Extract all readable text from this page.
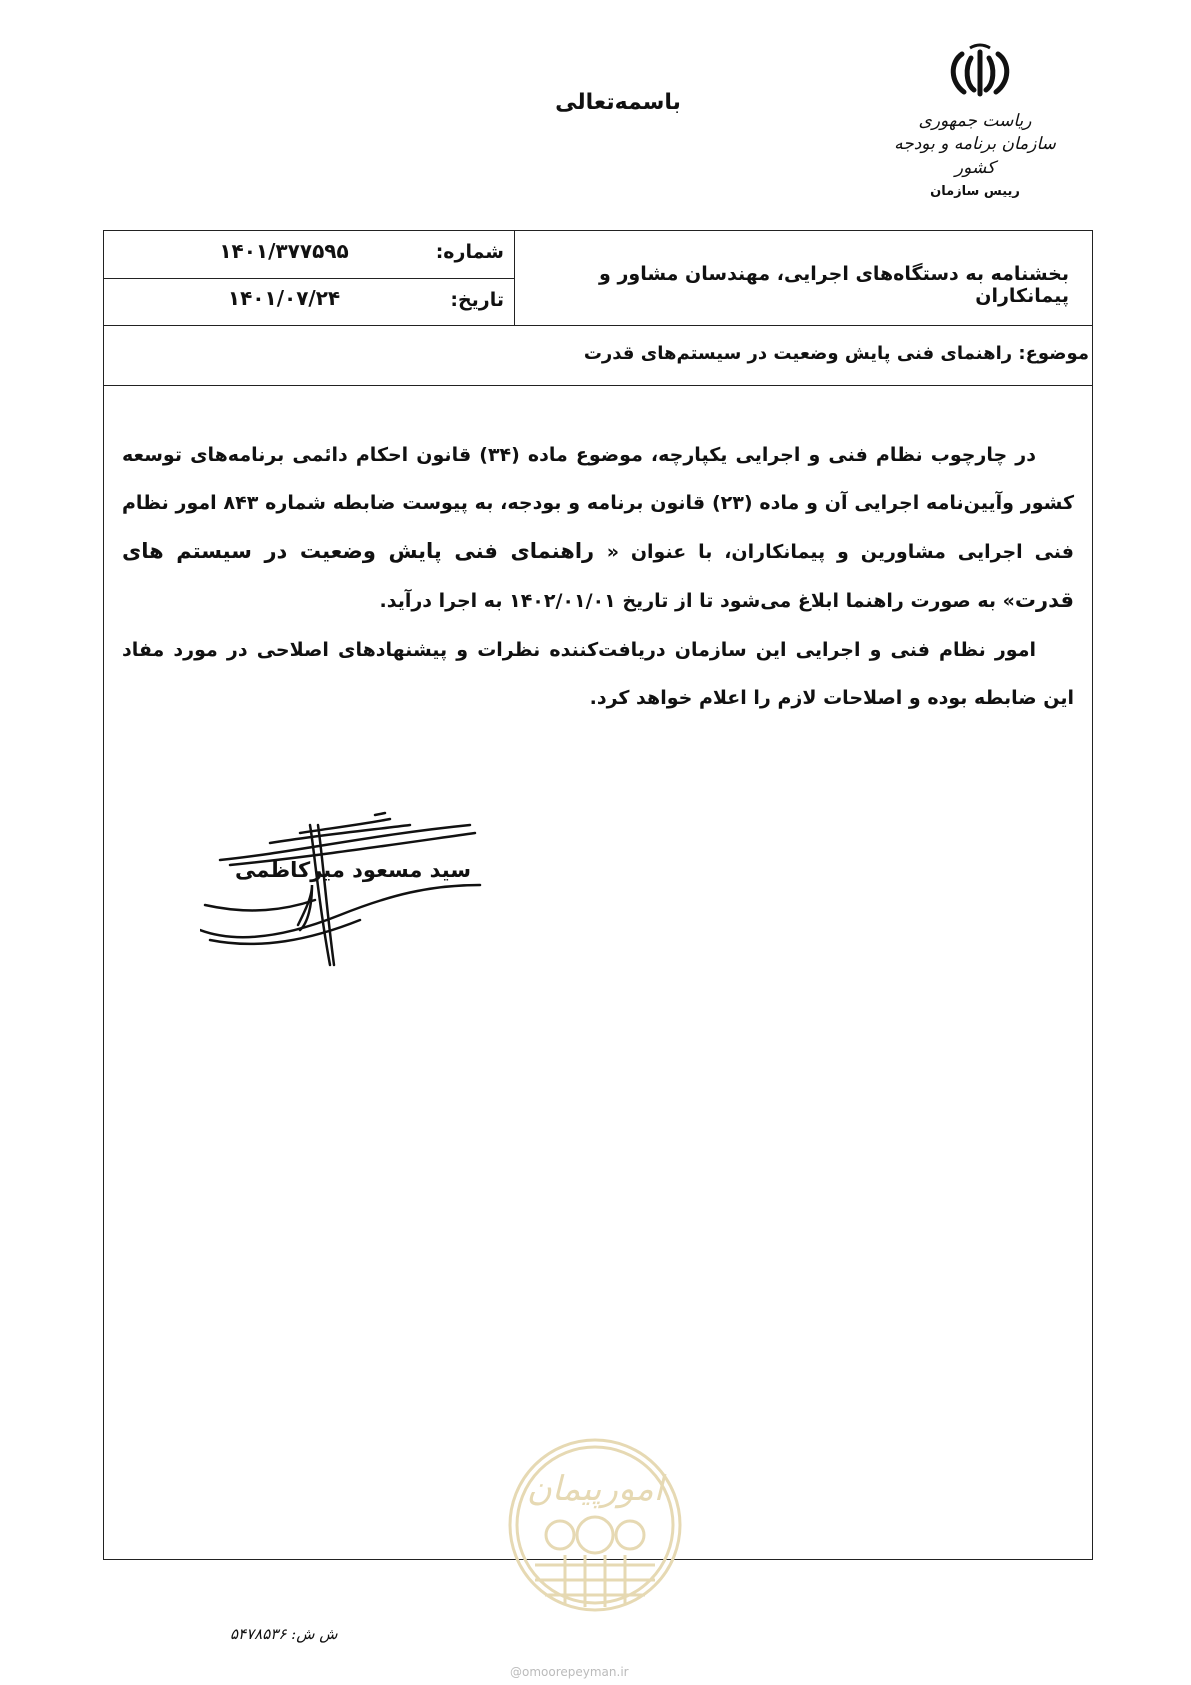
باسمه‌تعالی
ریاست جمهوری
سازمان برنامه و بودجه کشور
رییس سازمان
شماره:
۱۴۰۱/۳۷۷۵۹۵
تاریخ:
۱۴۰۱/۰۷/۲۴
بخشنامه به دستگاه‌های اجرایی، مهندسان مشاور و پیمانکاران
موضوع: راهنمای فنی پایش وضعیت در سیستم‌های قدرت
در چارچوب نظام فنی و اجرایی یکپارچه، موضوع ماده (۳۴) قانون احکام دائمی برنامه‌های توسعه کشور وآیین‌نامه اجرایی آن و ماده (۲۳) قانون برنامه و بودجه، به پیوست ضابطه شماره ۸۴۳ امور نظام فنی اجرایی مشاورین و پیمانکاران، با عنوان « راهنمای فنی پایش وضعیت در سیستم های قدرت» به صورت راهنما ابلاغ می‌شود تا از تاریخ ۱۴۰۲/۰۱/۰۱ به اجرا درآید.
امور نظام فنی و اجرایی این سازمان دریافت‌کننده نظرات و پیشنهادهای اصلاحی در مورد مفاد این ضابطه بوده و اصلاحات لازم را اعلام خواهد کرد.
سید مسعود میرکاظمی
امورپیمان
ش ش: ۵۴۷۸۵۳۶
@omoorepeyman.ir
